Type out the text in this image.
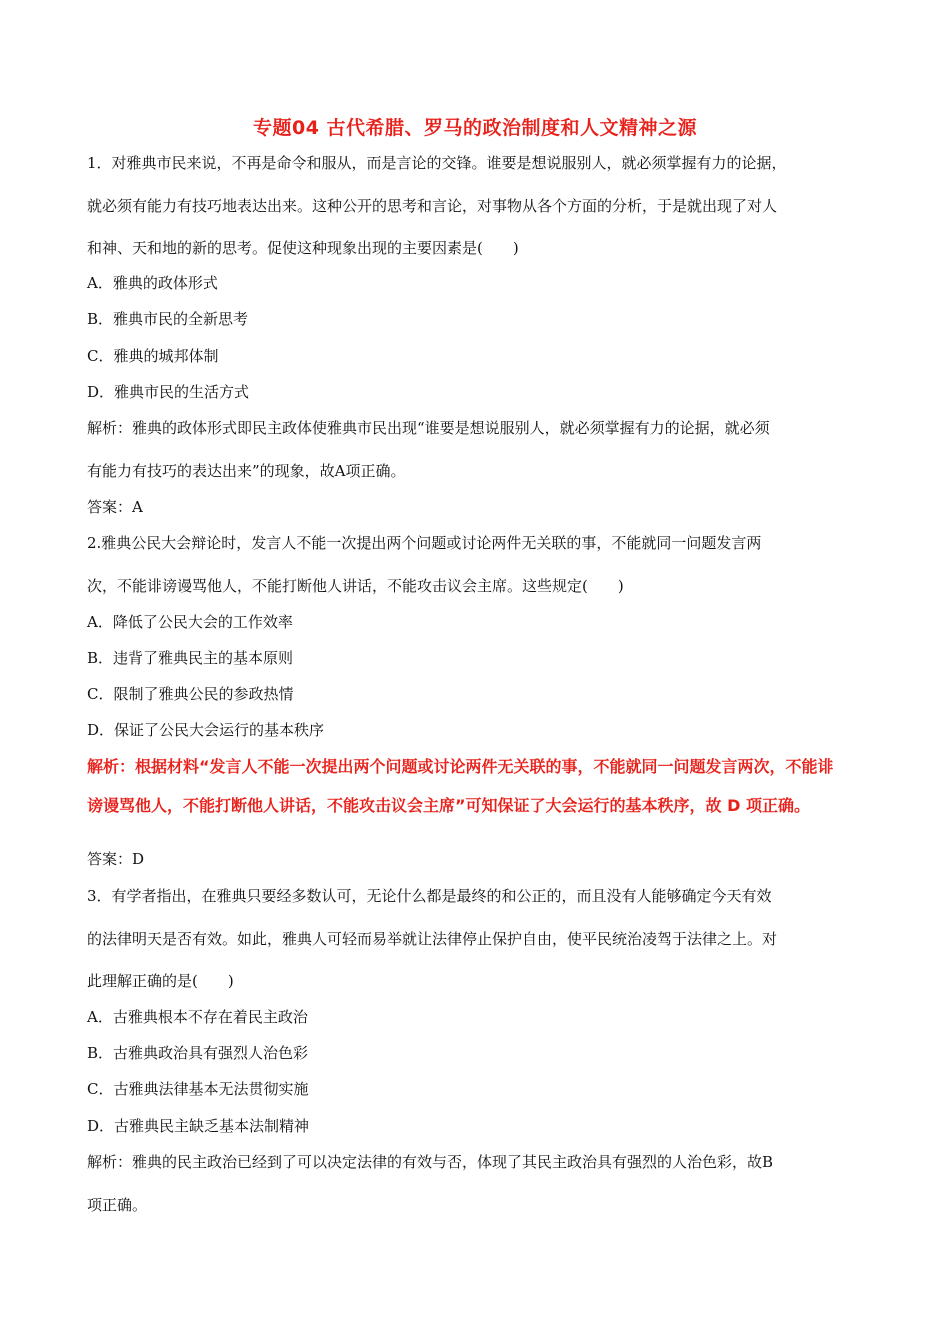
专题04 古代希腊、罗马的政治制度和人文精神之源
1．对雅典市民来说，不再是命令和服从，而是言论的交锋。谁要是想说服别人，就必须掌握有力的论据，
就必须有能力有技巧地表达出来。这种公开的思考和言论，对事物从各个方面的分析，于是就出现了对人
和神、天和地的新的思考。促使这种现象出现的主要因素是(　　)
A．雅典的政体形式
B．雅典市民的全新思考
C．雅典的城邦体制
D．雅典市民的生活方式
解析：雅典的政体形式即民主政体使雅典市民出现“谁要是想说服别人，就必须掌握有力的论据，就必须
有能力有技巧的表达出来”的现象，故A项正确。
答案：A
2.雅典公民大会辩论时，发言人不能一次提出两个问题或讨论两件无关联的事，不能就同一问题发言两
次，不能诽谤谩骂他人，不能打断他人讲话，不能攻击议会主席。这些规定(　　)
A．降低了公民大会的工作效率
B．违背了雅典民主的基本原则
C．限制了雅典公民的参政热情
D．保证了公民大会运行的基本秩序
解析：根据材料“发言人不能一次提出两个问题或讨论两件无关联的事，不能就同一问题发言两次，不能诽
谤谩骂他人，不能打断他人讲话，不能攻击议会主席”可知保证了大会运行的基本秩序，故 D 项正确。
答案：D
3．有学者指出，在雅典只要经多数认可，无论什么都是最终的和公正的，而且没有人能够确定今天有效
的法律明天是否有效。如此，雅典人可轻而易举就让法律停止保护自由，使平民统治凌驾于法律之上。对
此理解正确的是(　　)
A．古雅典根本不存在着民主政治
B．古雅典政治具有强烈人治色彩
C．古雅典法律基本无法贯彻实施
D．古雅典民主缺乏基本法制精神
解析：雅典的民主政治已经到了可以决定法律的有效与否，体现了其民主政治具有强烈的人治色彩，故B
项正确。
